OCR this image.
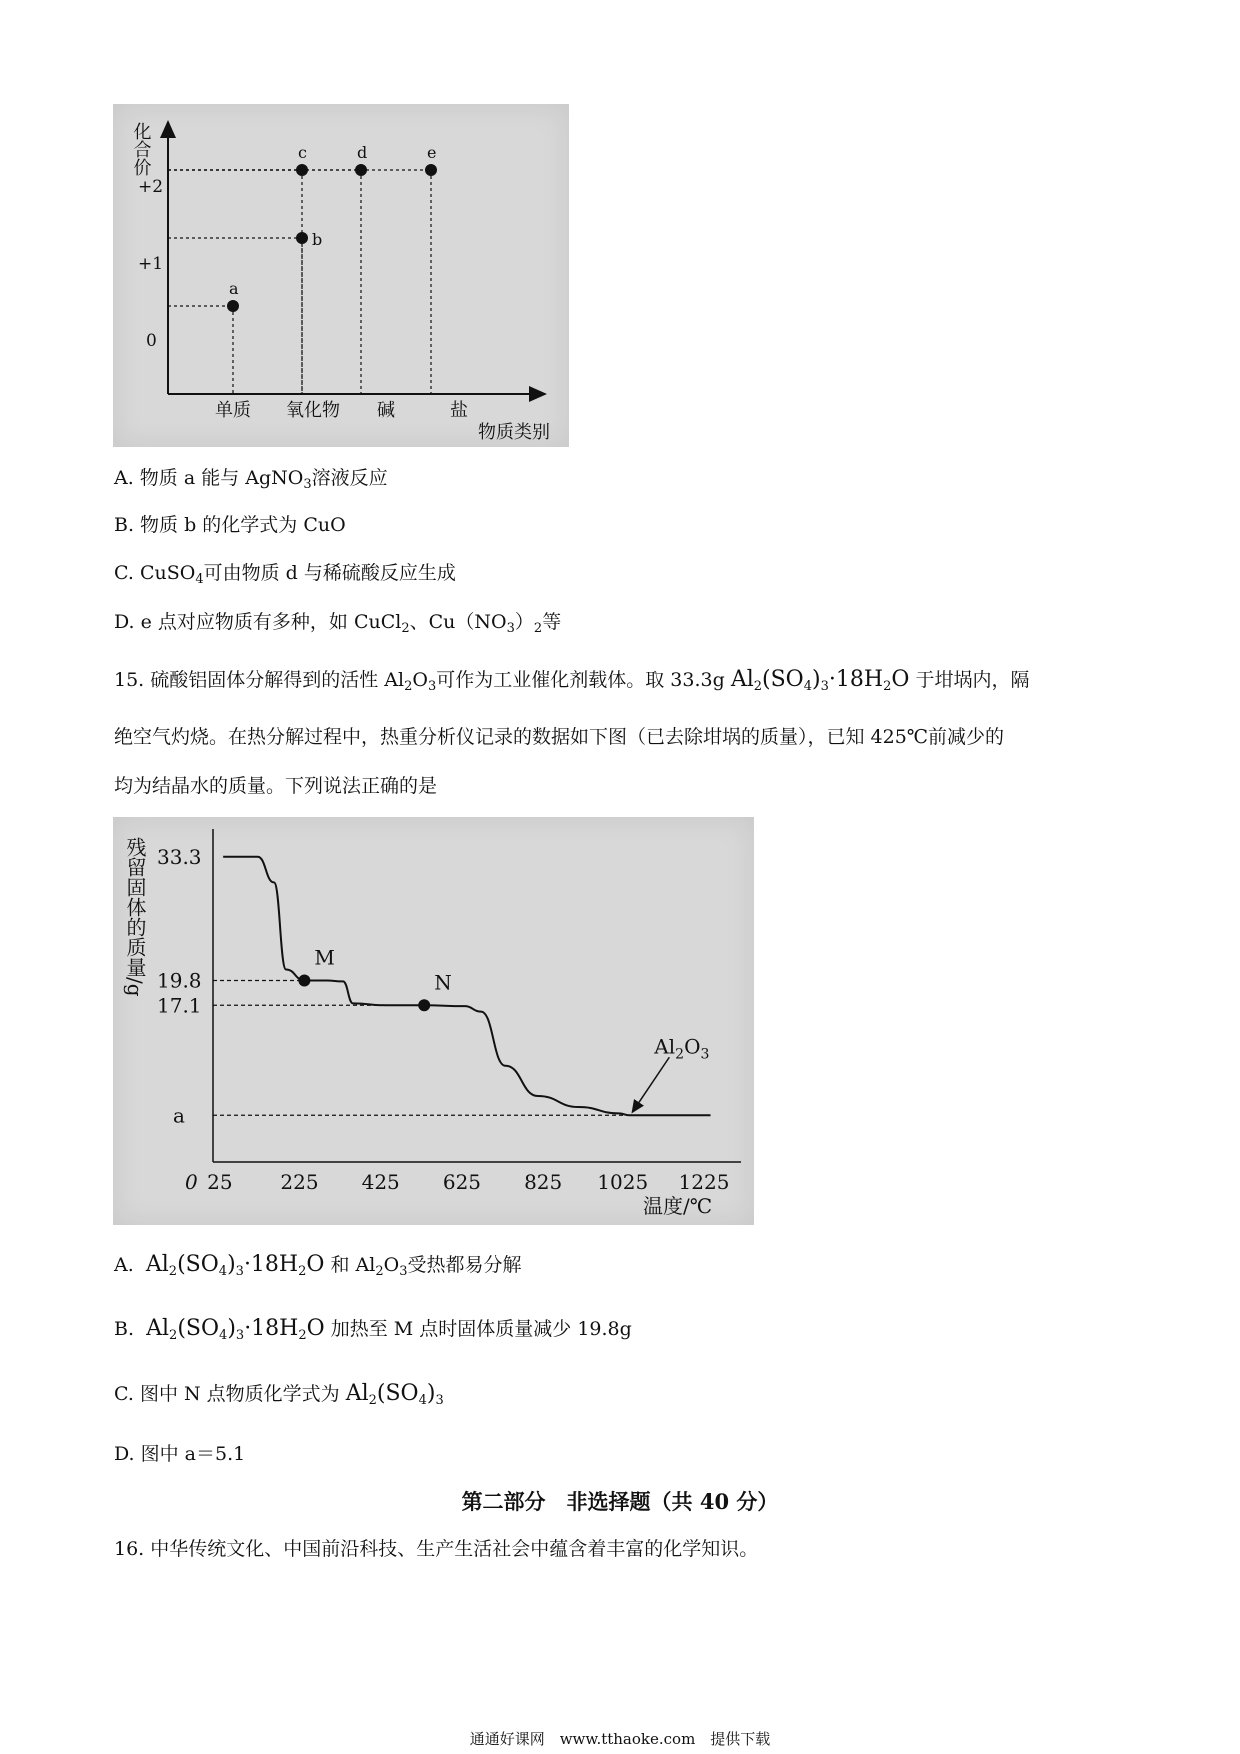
化合价
+2
+1
0
单质 氧化物 碱	盐
物质类别
a
b
c	d	e
A. 物质 a 能与 AgNO$_3$溶液反应
B. 物质 b 的化学式为 CuO
C. CuSO$_4$可由物质 d 与稀硫酸反应生成
D. e 点对应物质有多种，如 CuCl$_2$、$Cu(NO_3)_2$等
15. 硫酸铝固体分解得到的活性 $Al_2O_3$可作为工业催化剂载体。取 33.3g $Al_2(SO_4)_3\cdot 18H_2O$ 于坩埚内，隔
绝空气灼烧。在热分解过程中，热重分析仪记录的数据如下图（已去除坩埚的质量），已知 425℃前减少的
均为结晶水的质量。下列说法正确的是
残留固体的质量/g
0 25 225 425 625 825 1025 1225
33.3
19.8
17.1
a
温度/℃
M
N
$Al_2O_3$
A. $Al_2(SO_4)_3\cdot 18H_2O$ 和 $Al_2O_3$受热都易分解
B. $Al_2(SO_4)_3\cdot 18H_2O$ 加热至 M 点时固体质量减少 19.8g
C. 图中 N 点物质化学式为 $Al_2(SO_4)_3$
D. 图中 a＝5.1
第二部分　非选择题（共 40 分）
16. 中华传统文化、中国前沿科技、生产生活社会中蕴含着丰富的化学知识。
通通好课网　www.tthaoke.com　提供下载
